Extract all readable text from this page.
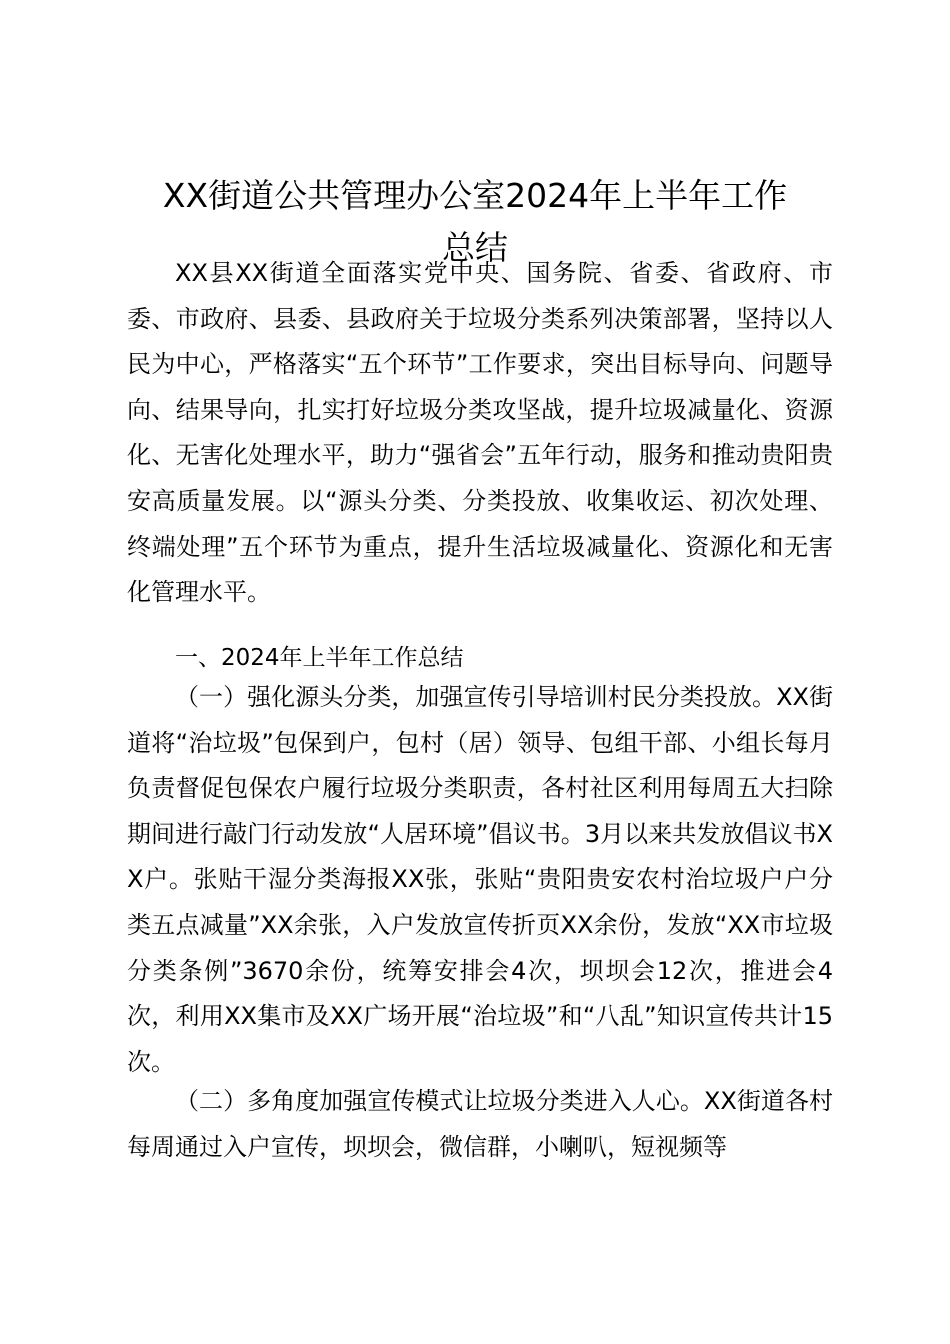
XX街道公共管理办公室2024年上半年工作
总结

XX县XX街道全面落实党中央、国务院、省委、省政府、市委、市政府、县委、县政府关于垃圾分类系列决策部署，坚持以人民为中心，严格落实“五个环节”工作要求，突出目标导向、问题导向、结果导向，扎实打好垃圾分类攻坚战，提升垃圾减量化、资源化、无害化处理水平，助力“强省会”五年行动，服务和推动贵阳贵安高质量发展。以“源头分类、分类投放、收集收运、初次处理、终端处理”五个环节为重点，提升生活垃圾减量化、资源化和无害化管理水平。

一、2024年上半年工作总结

（一）强化源头分类，加强宣传引导培训村民分类投放。XX街道将“治垃圾”包保到户，包村（居）领导、包组干部、小组长每月负责督促包保农户履行垃圾分类职责，各村社区利用每周五大扫除期间进行敲门行动发放“人居环境”倡议书。3月以来共发放倡议书XX户。张贴干湿分类海报XX张，张贴“贵阳贵安农村治垃圾户户分类五点减量”XX余张，入户发放宣传折页XX余份，发放“XX市垃圾分类条例”3670余份，统筹安排会4次，坝坝会12次，推进会4次，利用XX集市及XX广场开展“治垃圾”和“八乱”知识宣传共计15次。

（二）多角度加强宣传模式让垃圾分类进入人心。XX街道各村每周通过入户宣传，坝坝会，微信群，小喇叭，短视频等
